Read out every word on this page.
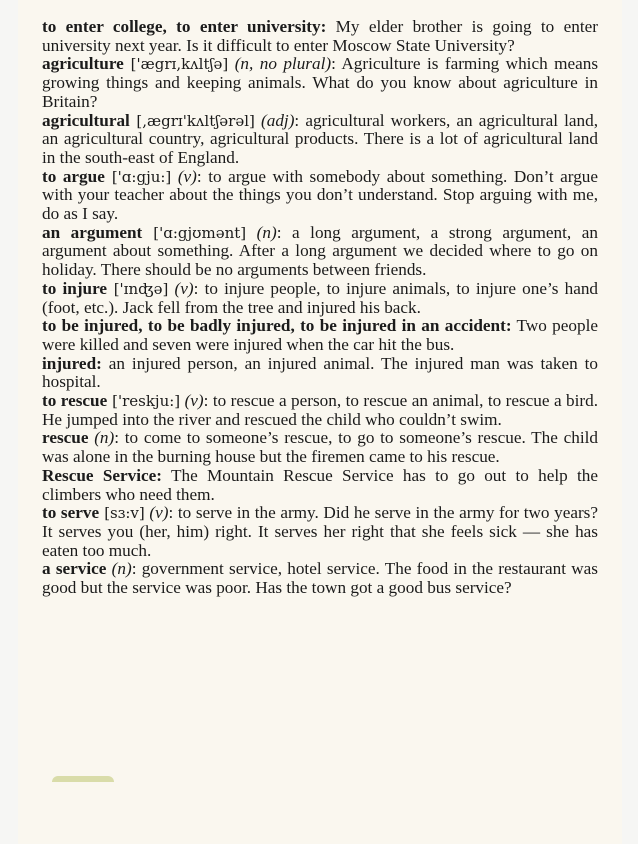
to enter college, to enter university: My elder brother is going to enter university next year. Is it difficult to enter Moscow State University?

agriculture ['ægrɪ,kʌltʃə] (n, no plural): Agriculture is farming which means growing things and keeping animals. What do you know about agriculture in Britain?

agricultural [,ægrɪ'kʌltʃərəl] (adj): agricultural workers, an agricultural land, an agricultural country, agricultural products. There is a lot of agricultural land in the south-east of England.

to argue ['ɑ:gju:] (v): to argue with somebody about something. Don’t argue with your teacher about the things you don’t understand. Stop arguing with me, do as I say.

an argument ['ɑ:gjʊmənt] (n): a long argument, a strong argument, an argument about something. After a long argument we decided where to go on holiday. There should be no arguments between friends.

to injure ['ɪnʤə] (v): to injure people, to injure animals, to injure one’s hand (foot, etc.). Jack fell from the tree and injured his back.

to be injured, to be badly injured, to be injured in an accident: Two people were killed and seven were injured when the car hit the bus.

injured: an injured person, an injured animal. The injured man was taken to hospital.

to rescue ['reskju:] (v): to rescue a person, to rescue an animal, to rescue a bird. He jumped into the river and rescued the child who couldn’t swim.

rescue (n): to come to someone’s rescue, to go to someone’s rescue. The child was alone in the burning house but the firemen came to his rescue.

Rescue Service: The Mountain Rescue Service has to go out to help the climbers who need them.

to serve [sɜ:v] (v): to serve in the army. Did he serve in the army for two years? It serves you (her, him) right. It serves her right that she feels sick — she has eaten too much.

a service (n): government service, hotel service. The food in the restaurant was good but the service was poor. Has the town got a good bus service?
